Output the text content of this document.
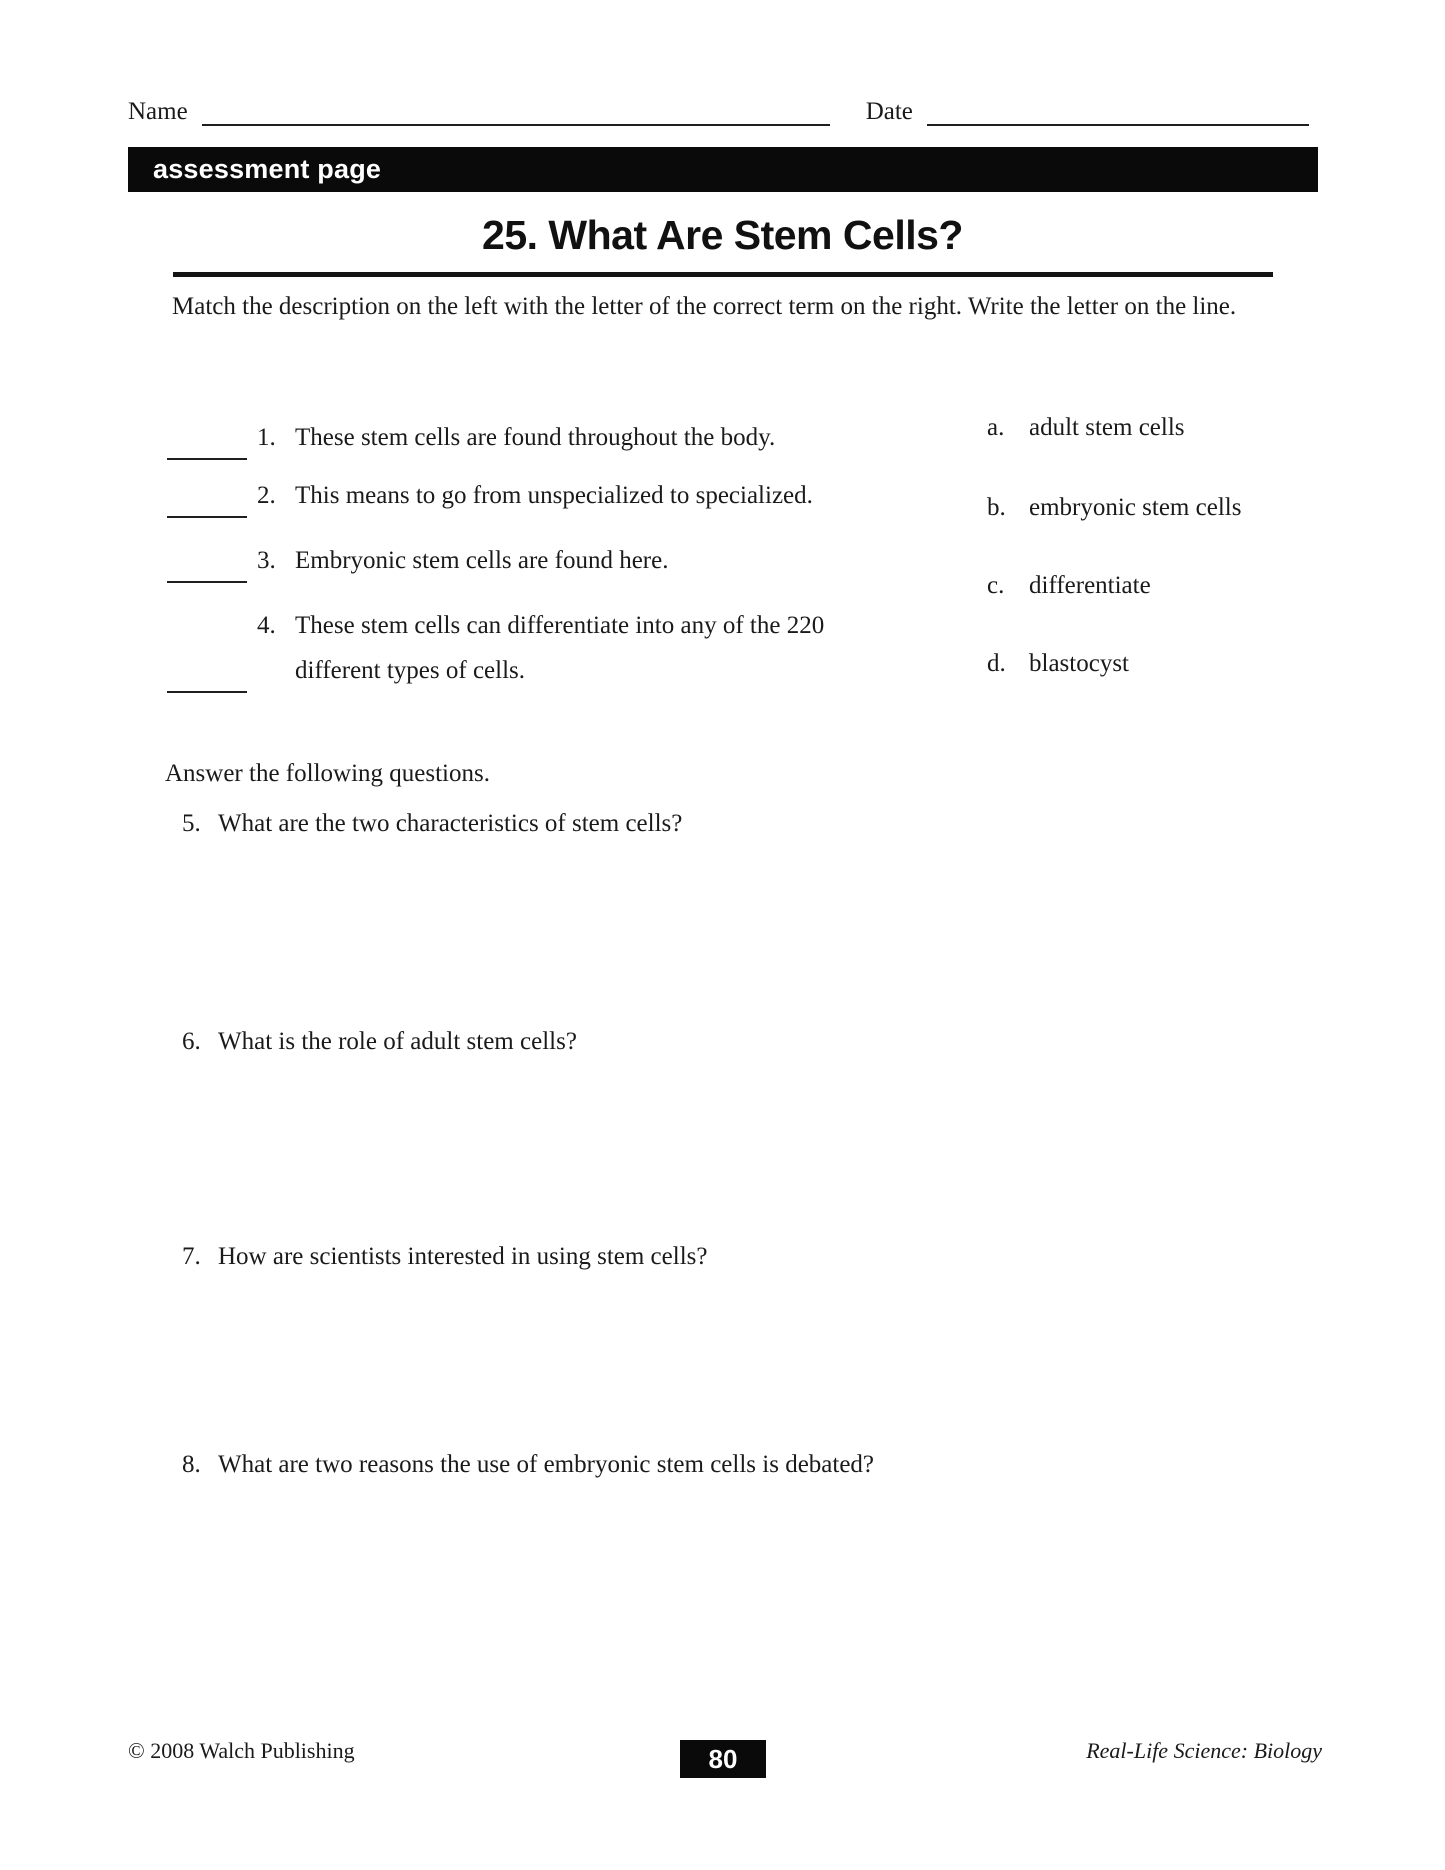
Name	Date
assessment page
25. What Are Stem Cells?
Match the description on the left with the letter of the correct term on the right. Write the letter on the line.
1. These stem cells are found throughout the body.
2. This means to go from unspecialized to specialized.
3. Embryonic stem cells are found here.
4. These stem cells can differentiate into any of the 220 different types of cells.
a. adult stem cells
b. embryonic stem cells
c. differentiate
d. blastocyst
Answer the following questions.
5. What are the two characteristics of stem cells?
6. What is the role of adult stem cells?
7. How are scientists interested in using stem cells?
8. What are two reasons the use of embryonic stem cells is debated?
© 2008 Walch Publishing	80	Real-Life Science: Biology
